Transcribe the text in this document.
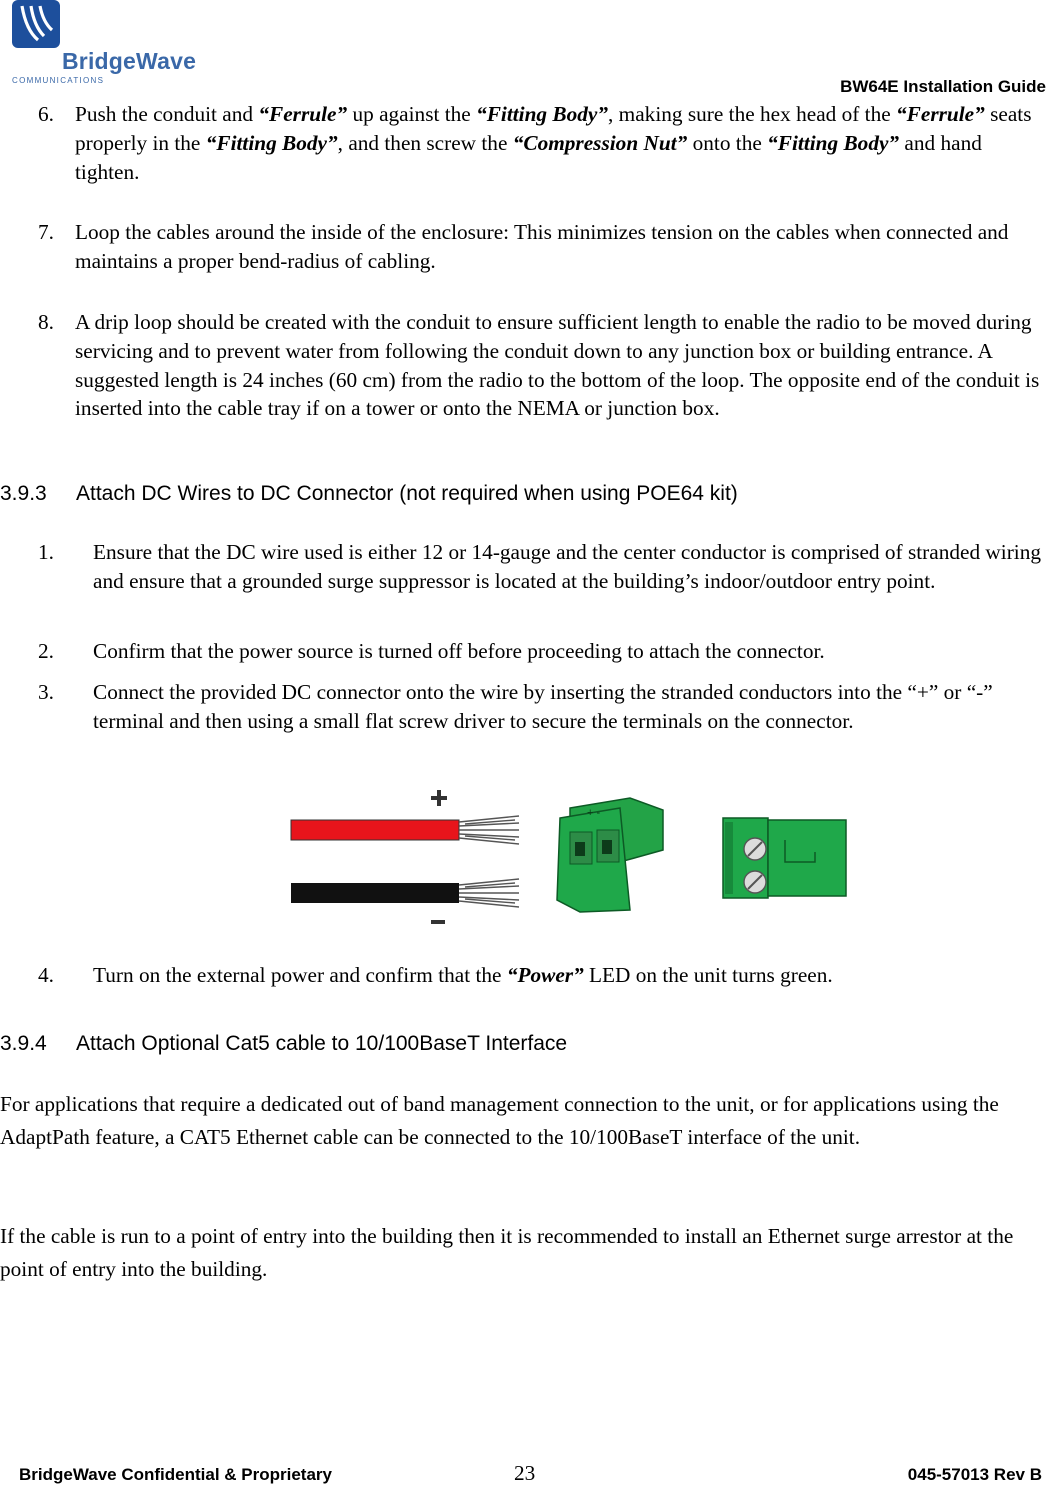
BridgeWave
COMMUNICATIONS	BW64E Installation Guide
6. Push the conduit and “Ferrule” up against the “Fitting Body”, making sure the hex head of the “Ferrule” seats properly in the “Fitting Body”, and then screw the “Compression Nut” onto the “Fitting Body” and hand tighten.
7. Loop the cables around the inside of the enclosure: This minimizes tension on the cables when connected and maintains a proper bend-radius of cabling.
8. A drip loop should be created with the conduit to ensure sufficient length to enable the radio to be moved during servicing and to prevent water from following the conduit down to any junction box or building entrance. A suggested length is 24 inches (60 cm) from the radio to the bottom of the loop. The opposite end of the conduit is inserted into the cable tray if on a tower or onto the NEMA or junction box.
3.9.3 Attach DC Wires to DC Connector (not required when using POE64 kit)
1. Ensure that the DC wire used is either 12 or 14-gauge and the center conductor is comprised of stranded wiring and ensure that a grounded surge suppressor is located at the building’s indoor/outdoor entry point.
2. Confirm that the power source is turned off before proceeding to attach the connector.
3. Connect the provided DC connector onto the wire by inserting the stranded conductors into the “+” or “-” terminal and then using a small flat screw driver to secure the terminals on the connector.
+ -
4. Turn on the external power and confirm that the “Power” LED on the unit turns green.
3.9.4 Attach Optional Cat5 cable to 10/100BaseT Interface
For applications that require a dedicated out of band management connection to the unit, or for applications using the AdaptPath feature, a CAT5 Ethernet cable can be connected to the 10/100BaseT interface of the unit.
If the cable is run to a point of entry into the building then it is recommended to install an Ethernet surge arrestor at the point of entry into the building.
BridgeWave Confidential & Proprietary	23	045-57013 Rev B
